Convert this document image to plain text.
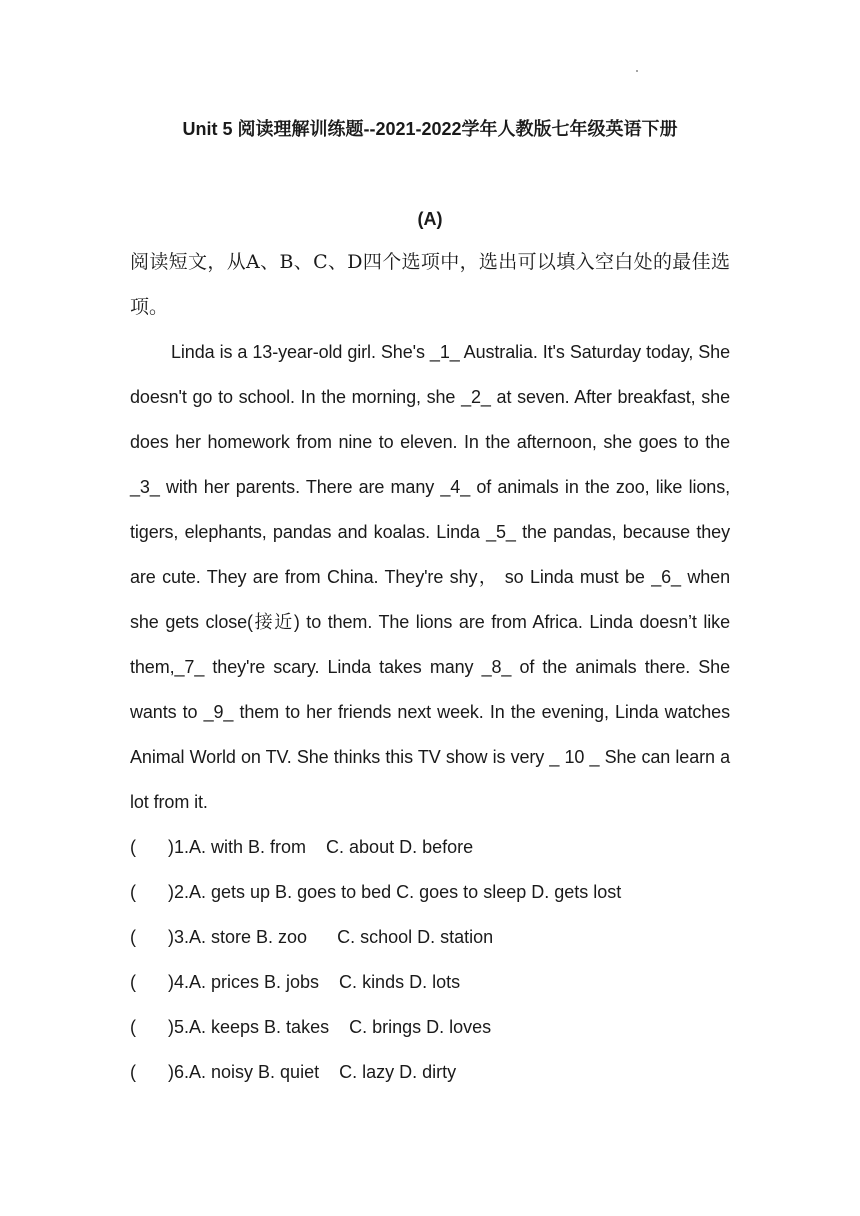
Unit 5 阅读理解训练题--2021-2022学年人教版七年级英语下册
(A)

阅读短文，从A、B、C、D四个选项中，选出可以填入空白处的最佳选项。

Linda is a 13-year-old girl. She's _1_ Australia. It's Saturday today, She doesn't go to school. In the morning, she _2_ at seven. After breakfast, she does her homework from nine to eleven. In the afternoon, she goes to the _3_ with her parents. There are many _4_ of animals in the zoo, like lions, tigers, elephants, pandas and koalas. Linda _5_ the pandas, because they are cute. They are from China. They're shy， so Linda must be _6_ when she gets close(接近) to them. The lions are from Africa. Linda doesn’t like them,_7_ they're scary. Linda takes many _8_ of the animals there. She wants to _9_ them to her friends next week. In the evening, Linda watches Animal World on TV. She thinks this TV show is very _ 10 _ She can learn a lot from it.

(	)1.A. with B. from    C. about D. before
(	)2.A. gets up B. goes to bed C. goes to sleep D. gets lost
(	)3.A. store B. zoo      C. school D. station
(	)4.A. prices B. jobs    C. kinds D. lots
(	)5.A. keeps B. takes    C. brings D. loves
(	)6.A. noisy B. quiet    C. lazy D. dirty
